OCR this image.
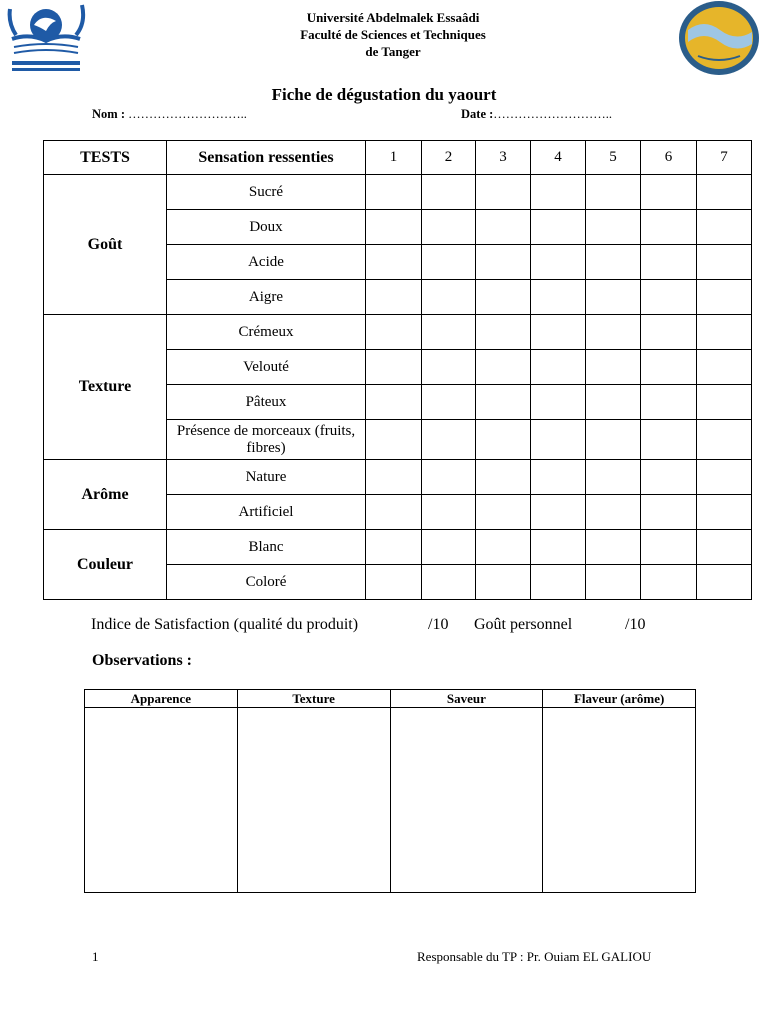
Université Abdelmalek Essaâdi
Faculté de Sciences et Techniques
de Tanger
Fiche de dégustation du yaourt
Nom : ………………………..	Date :………………………..
TESTS	Sensation ressenties	1	2	3	4	5	6	7
Goût	Sucré							
	Doux							
	Acide							
	Aigre							
Texture	Crémeux							
	Velouté							
	Pâteux							
	Présence de morceaux (fruits, fibres)							
Arôme	Nature							
	Artificiel							
Couleur	Blanc							
	Coloré							
Indice de Satisfaction (qualité du produit)	/10 Goût personnel	/10
Observations :
Apparence	Texture	Saveur	Flaveur (arôme)

1	Responsable du TP : Pr. Ouiam EL GALIOU
